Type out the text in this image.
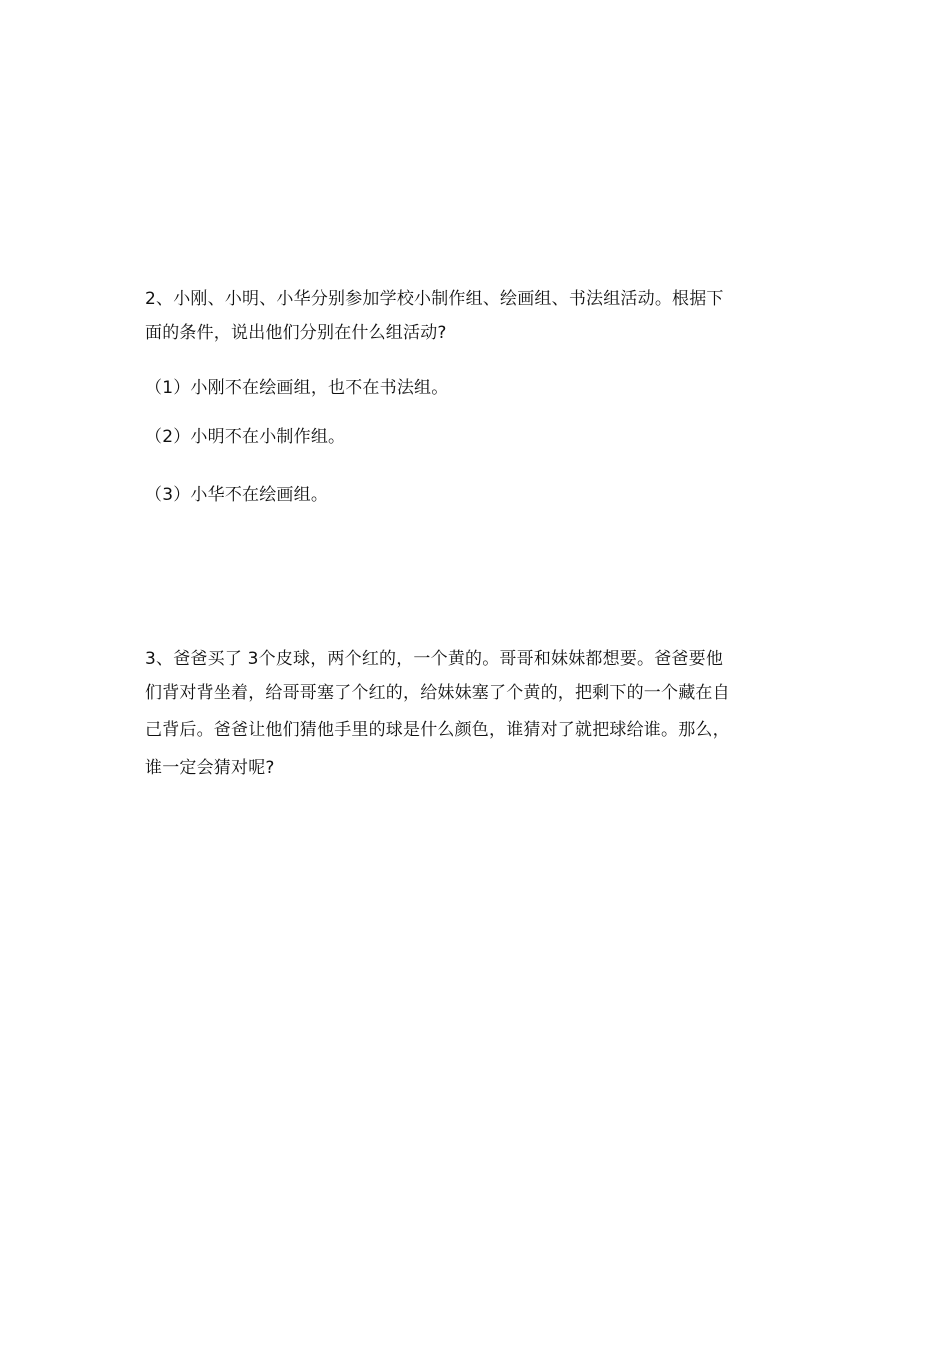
2、小刚、小明、小华分别参加学校小制作组、绘画组、书法组活动。根据下
面的条件，说出他们分别在什么组活动?
（1）小刚不在绘画组，也不在书法组。
（2）小明不在小制作组。
（3）小华不在绘画组。
3、爸爸买了 3个皮球，两个红的，一个黄的。哥哥和妹妹都想要。爸爸要他
们背对背坐着，给哥哥塞了个红的，给妹妹塞了个黄的，把剩下的一个藏在自
己背后。爸爸让他们猜他手里的球是什么颜色，谁猜对了就把球给谁。那么，
谁一定会猜对呢?
